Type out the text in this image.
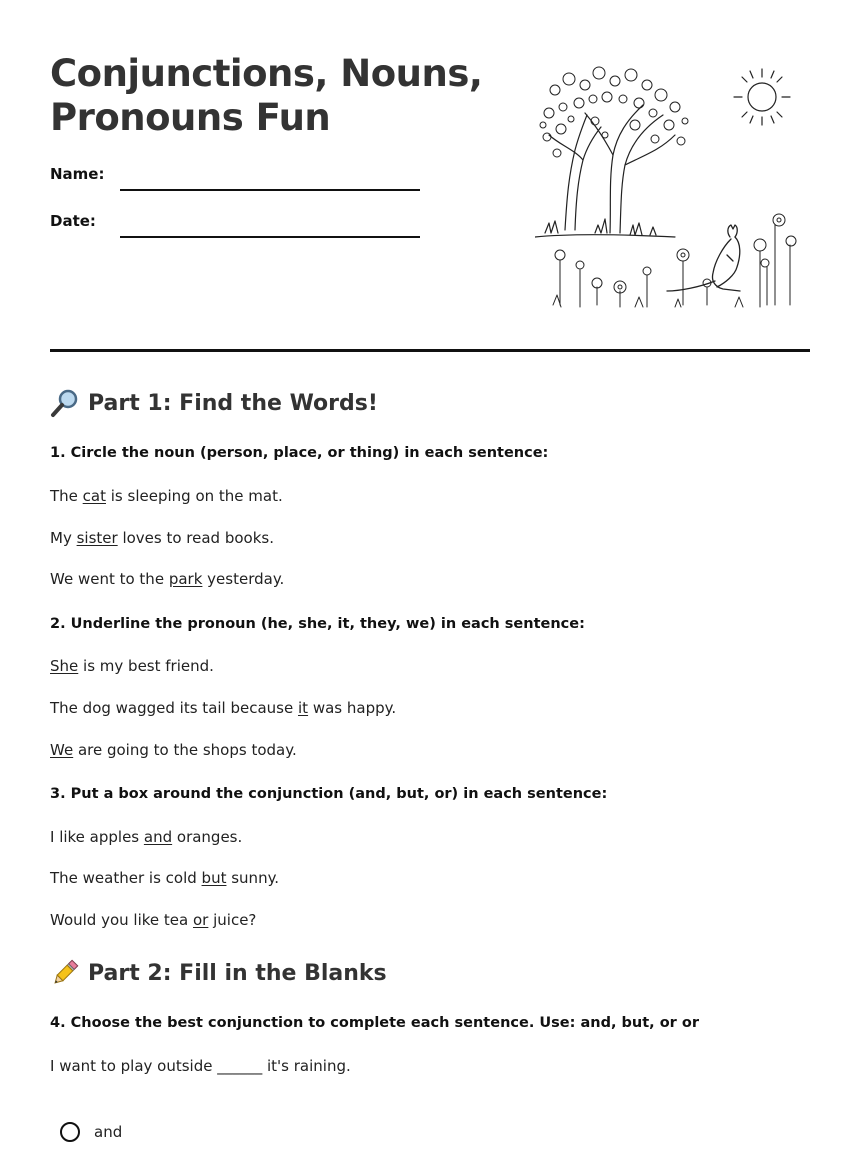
Conjunctions, Nouns, Pronouns Fun
Name:
Date:
Part 1: Find the Words!
1. Circle the noun (person, place, or thing) in each sentence:
The cat is sleeping on the mat.
My sister loves to read books.
We went to the park yesterday.
2. Underline the pronoun (he, she, it, they, we) in each sentence:
She is my best friend.
The dog wagged its tail because it was happy.
We are going to the shops today.
3. Put a box around the conjunction (and, but, or) in each sentence:
I like apples and oranges.
The weather is cold but sunny.
Would you like tea or juice?
Part 2: Fill in the Blanks
4. Choose the best conjunction to complete each sentence. Use: and, but, or or
I want to play outside ______ it's raining.
and
